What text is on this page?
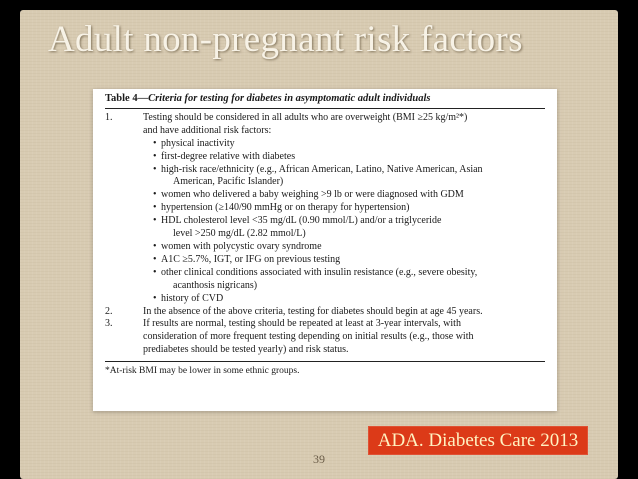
Adult non-pregnant risk factors
Table 4—Criteria for testing for diabetes in asymptomatic adult individuals
1.	Testing should be considered in all adults who are overweight (BMI ≥25 kg/m²*)
and have additional risk factors:
• physical inactivity
• first-degree relative with diabetes
• high-risk race/ethnicity (e.g., African American, Latino, Native American, Asian
American, Pacific Islander)
• women who delivered a baby weighing >9 lb or were diagnosed with GDM
• hypertension (≥140/90 mmHg or on therapy for hypertension)
• HDL cholesterol level <35 mg/dL (0.90 mmol/L) and/or a triglyceride
level >250 mg/dL (2.82 mmol/L)
• women with polycystic ovary syndrome
• A1C ≥5.7%, IGT, or IFG on previous testing
• other clinical conditions associated with insulin resistance (e.g., severe obesity,
acanthosis nigricans)
• history of CVD
2.	In the absence of the above criteria, testing for diabetes should begin at age 45 years.
3.	If results are normal, testing should be repeated at least at 3-year intervals, with
consideration of more frequent testing depending on initial results (e.g., those with
prediabetes should be tested yearly) and risk status.
*At-risk BMI may be lower in some ethnic groups.
ADA. Diabetes Care 2013
39
